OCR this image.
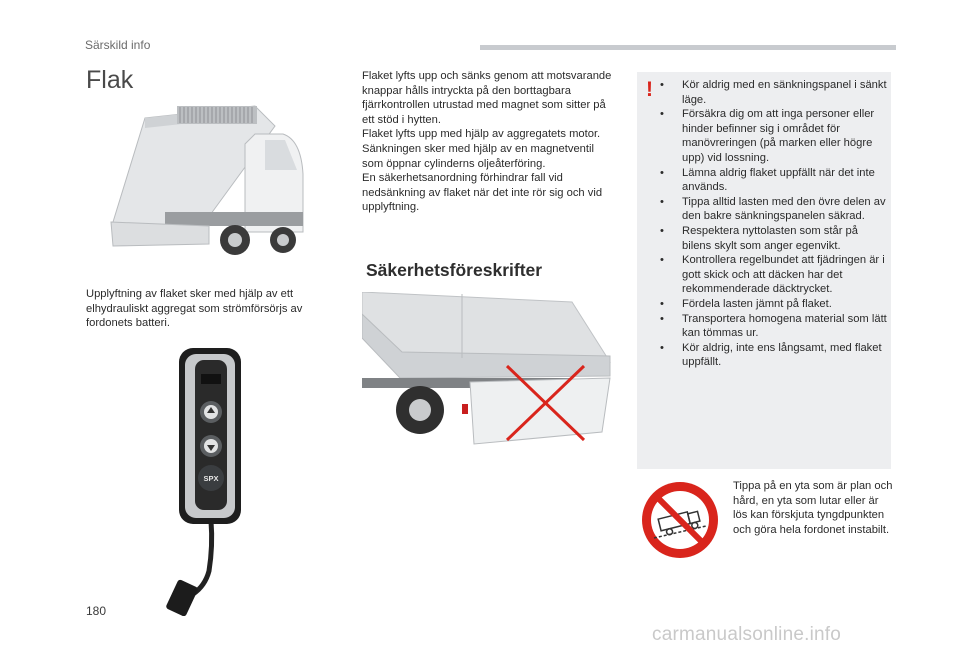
Särskild info
Flak
Upplyftning av flaket sker med hjälp av ett elhydrauliskt aggregat som strömförsörjs av fordonets batteri.
SPX
Flaket lyfts upp och sänks genom att motsvarande knappar hålls intryckta på den borttagbara fjärrkontrollen utrustad med magnet som sitter på ett stöd i hytten.
Flaket lyfts upp med hjälp av aggregatets motor.
Sänkningen sker med hjälp av en magnetventil som öppnar cylinderns oljeåterföring.
En säkerhetsanordning förhindrar fall vid nedsänkning av flaket när det inte rör sig och vid upplyftning.
Säkerhetsföreskrifter
!
•	Kör aldrig med en sänkningspanel i sänkt läge.
• Försäkra dig om att inga personer eller hinder befinner sig i området för manövreringen (på marken eller högre upp) vid lossning.
• Lämna aldrig flaket uppfällt när det inte används.
• Tippa alltid lasten med den övre delen av den bakre sänkningspanelen säkrad.
• Respektera nyttolasten som står på bilens skylt som anger egenvikt.
• Kontrollera regelbundet att fjädringen är i gott skick och att däcken har det rekommenderade däcktrycket.
• Fördela lasten jämnt på flaket.
• Transportera homogena material som lätt kan tömmas ur.
• Kör aldrig, inte ens långsamt, med flaket uppfällt.
Tippa på en yta som är plan och hård, en yta som lutar eller är lös kan förskjuta tyngdpunkten och göra hela fordonet instabilt.
180
carmanualsonline.info
